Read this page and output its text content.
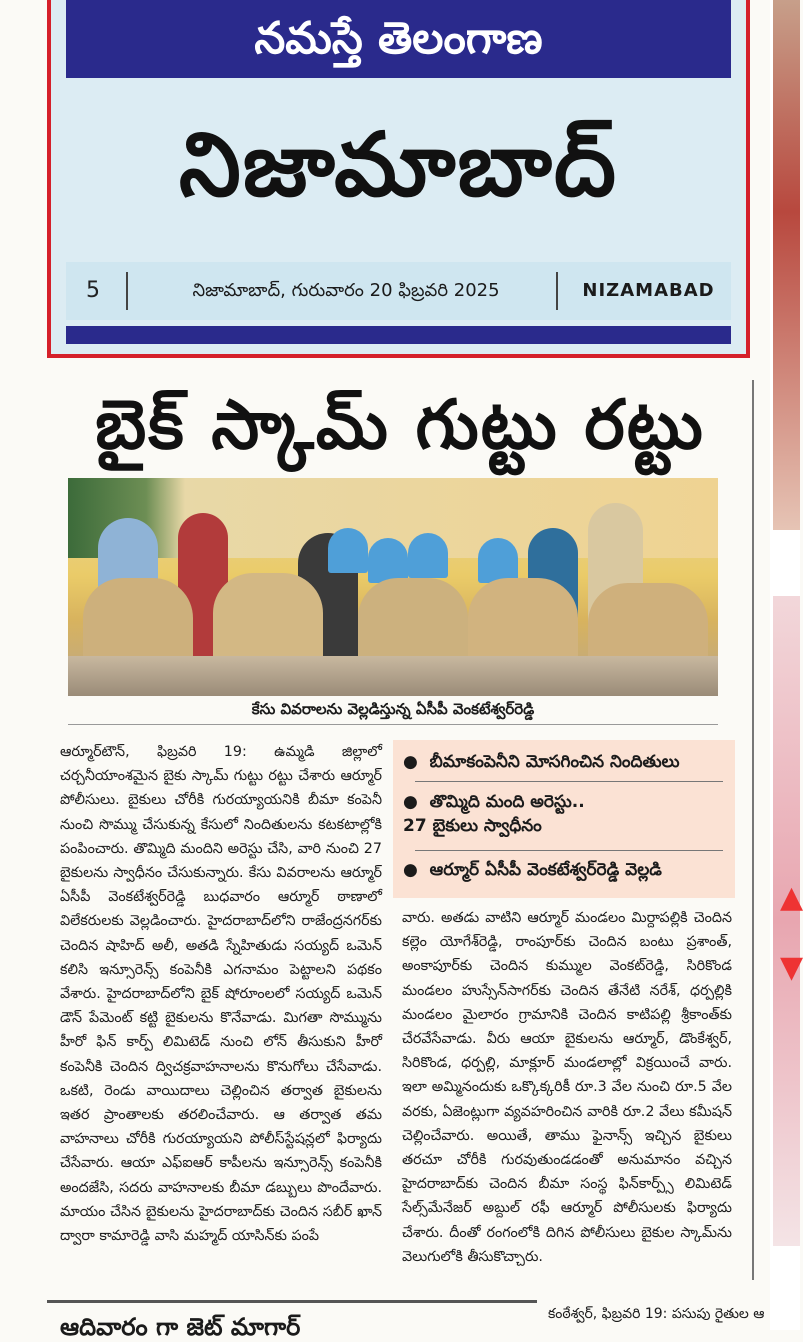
నమస్తే తెలంగాణ
నిజామాబాద్
5	నిజామాబాద్, గురువారం 20 ఫిబ్రవరి 2025	NIZAMABAD
▲
▼
బైక్ స్కామ్ గుట్టు రట్టు
కేసు వివరాలను వెల్లడిస్తున్న ఏసీపీ వెంకటేశ్వర్‌రెడ్డి
●  బీమాకంపెనీని మోసగించిన నిందితులు
●  తొమ్మిది మంది అరెస్టు..
27 బైకులు స్వాధీనం
●  ఆర్మూర్ ఏసీపీ వెంకటేశ్వర్‌రెడ్డి వెల్లడి

ఆర్మూర్‌టౌన్, ఫిబ్రవరి 19: ఉమ్మడి జిల్లాలో చర్చనీయాంశమైన బైకు స్కామ్ గుట్టు రట్టు చేశారు ఆర్మూర్ పోలీసులు. బైకులు చోరీకి గురయ్యాయనికి బీమా కంపెనీ నుంచి సొమ్ము చేసుకున్న కేసులో నిందితులను కటకటాల్లోకి పంపించారు. తొమ్మిది మందిని అరెస్టు చేసి, వారి నుంచి 27 బైకులను స్వాధీనం చేసుకున్నారు. కేసు వివరాలను ఆర్మూర్ ఏసీపీ వెంకటేశ్వర్‌రెడ్డి బుధవారం ఆర్మూర్ ఠాణాలో విలేకరులకు వెల్లడించారు. హైదరాబాద్‌లోని రాజేంద్రనగర్‌కు చెందిన షాహిద్ అలీ, అతడి స్నేహితుడు సయ్యద్ ఒమెన్ కలిసి ఇన్సూరెన్స్ కంపెనీకి ఎగనామం పెట్టాలని పథకం వేశారు. హైదరాబాద్‌లోని బైక్ షోరూంలలో సయ్యద్ ఒమెన్ డౌన్ పేమెంట్ కట్టి బైకులను కొనేవాడు. మిగతా సొమ్మును హీరో ఫిన్ కార్ప్ లిమిటెడ్ నుంచి లోన్ తీసుకుని హీరో కంపెనీకి చెందిన ద్విచక్రవాహనాలను కొనుగోలు చేసేవాడు. ఒకటి, రెండు వాయిదాలు చెల్లించిన తర్వాత బైకులను ఇతర ప్రాంతాలకు తరలించేవారు. ఆ తర్వాత తమ వాహనాలు చోరీకి గురయ్యాయని పోలీస్‌స్టేషన్లలో ఫిర్యాదు చేసేవారు. ఆయా ఎఫ్ఐఆర్ కాపీలను ఇన్సూరెన్స్ కంపెనీకి అందజేసి, సదరు వాహనాలకు బీమా డబ్బులు పొందేవారు. మాయం చేసిన బైకులను హైదరాబాద్‌కు చెందిన సబీర్ ఖాన్ ద్వారా కామారెడ్డి వాసి మహ్మద్ యాసిన్‌కు పంపే

వారు. అతడు వాటిని ఆర్మూర్ మండలం మిర్దాపల్లికి చెందిన కల్లెం యోగేశ్‌రెడ్డి, రాంపూర్‌కు చెందిన బంటు ప్రశాంత్, అంకాపూర్‌కు చెందిన కుమ్ముల వెంకట్‌రెడ్డి, సిరికొండ మండలం హుస్సేన్‌సాగర్‌కు చెందిన తేనేటి నరేశ్, ధర్పల్లికి మండలం మైలారం గ్రామానికి చెందిన కాటిపల్లి శ్రీకాంత్‌కు చేరవేసేవాడు. వీరు ఆయా బైకులను ఆర్మూర్, డొంకేశ్వర్, సిరికొండ, ధర్పల్లి, మాక్లూర్ మండలాల్లో విక్రయించే వారు. ఇలా అమ్మినందుకు ఒక్కొక్కరికీ రూ.3 వేల నుంచి రూ.5 వేల వరకు, ఏజెంట్లుగా వ్యవహరించిన వారికి రూ.2 వేలు కమీషన్ చెల్లించేవారు. అయితే, తాము ఫైనాన్స్ ఇచ్చిన బైకులు తరచూ చోరీకి గురవుతుండడంతో అనుమానం వచ్చిన హైదరాబాద్‌కు చెందిన బీమా సంస్థ ఫిన్‌కార్ప్స్ లిమిటెడ్ సేల్స్‌మేనేజర్ అబ్దుల్ రఫీ ఆర్మూర్ పోలీసులకు ఫిర్యాదు చేశారు. దీంతో రంగంలోకి దిగిన పోలీసులు బైకుల స్కామ్‌ను వెలుగులోకి తీసుకొచ్చారు.

ఆదివారం గా జెట్ మాగార్	కంఠేశ్వర్, ఫిబ్రవరి 19: పసుపు రైతుల ఆ
